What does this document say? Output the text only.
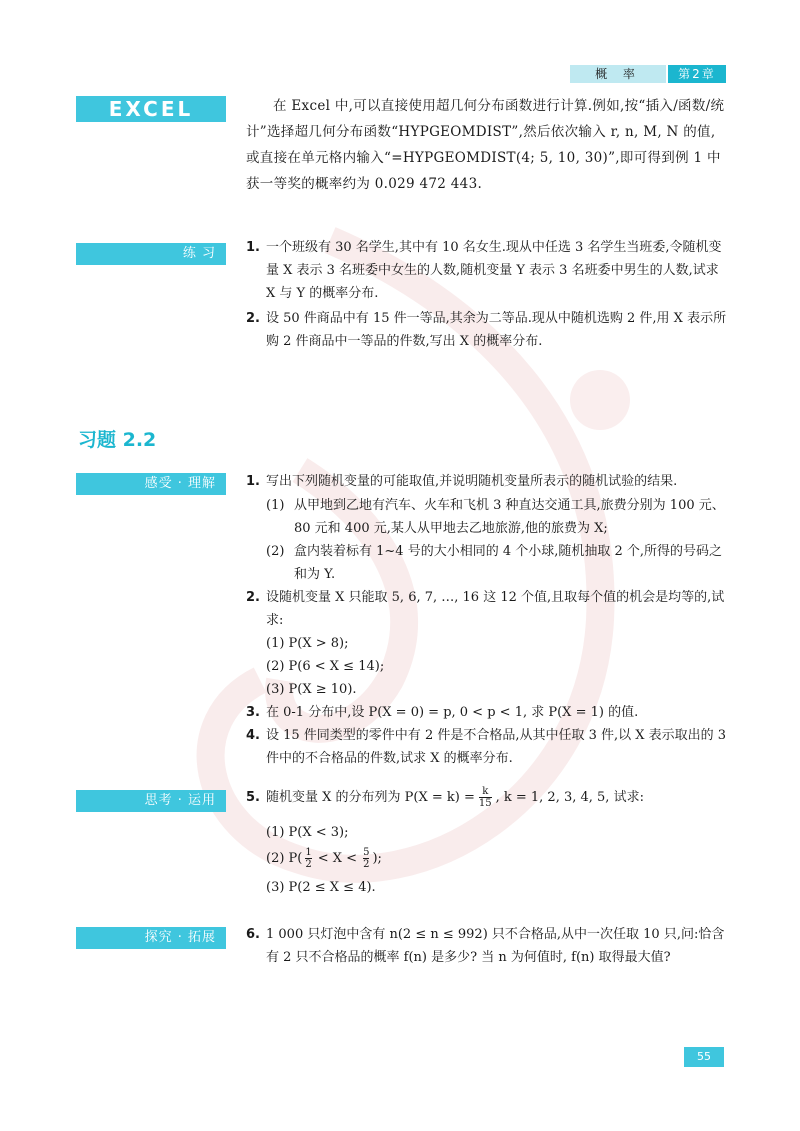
概 率	第2章
EXCEL	在 Excel 中,可以直接使用超几何分布函数进行计算.例如,按“插入/函数/统计”选择超几何分布函数“HYPGEOMDIST”,然后依次输入 r, n, M, N 的值,或直接在单元格内输入“=HYPGEOMDIST(4; 5, 10, 30)”,即可得到例 1 中获一等奖的概率约为 0.029 472 443.

练 习	1. 一个班级有 30 名学生,其中有 10 名女生.现从中任选 3 名学生当班委,令随机变量 X 表示 3 名班委中女生的人数,随机变量 Y 表示 3 名班委中男生的人数,试求 X 与 Y 的概率分布.
2. 设 50 件商品中有 15 件一等品,其余为二等品.现从中随机选购 2 件,用 X 表示所购 2 件商品中一等品的件数,写出 X 的概率分布.
习题 2.2
感受 · 理解	1. 写出下列随机变量的可能取值,并说明随机变量所表示的随机试验的结果.
(1) 从甲地到乙地有汽车、火车和飞机 3 种直达交通工具,旅费分别为 100 元、80 元和 400 元,某人从甲地去乙地旅游,他的旅费为 X;
(2) 盒内装着标有 1~4 号的大小相同的 4 个小球,随机抽取 2 个,所得的号码之和为 Y.
2. 设随机变量 X 只能取 5, 6, 7, …, 16 这 12 个值,且取每个值的机会是均等的,试求:
(1) P(X > 8);
(2) P(6 < X ≤ 14);
(3) P(X ≥ 10).
3. 在 0-1 分布中,设 P(X = 0) = p, 0 < p < 1, 求 P(X = 1) 的值.
4. 设 15 件同类型的零件中有 2 件是不合格品,从其中任取 3 件,以 X 表示取出的 3 件中的不合格品的件数,试求 X 的概率分布.
思考 · 运用	5. 随机变量 X 的分布列为 $P(X = k) = \frac{k}{15}$ , k = 1, 2, 3, 4, 5, 试求:
(1) P(X < 3);
(2) $P( \frac{1}{2} < X < \frac{5}{2}$ );
(3) P(2 ≤ X ≤ 4).
探究 · 拓展	6. 1 000 只灯泡中含有 n(2 ≤ n ≤ 992) 只不合格品,从中一次任取 10 只,问:恰含有 2 只不合格品的概率 f(n) 是多少? 当 n 为何值时, f(n) 取得最大值?
55
